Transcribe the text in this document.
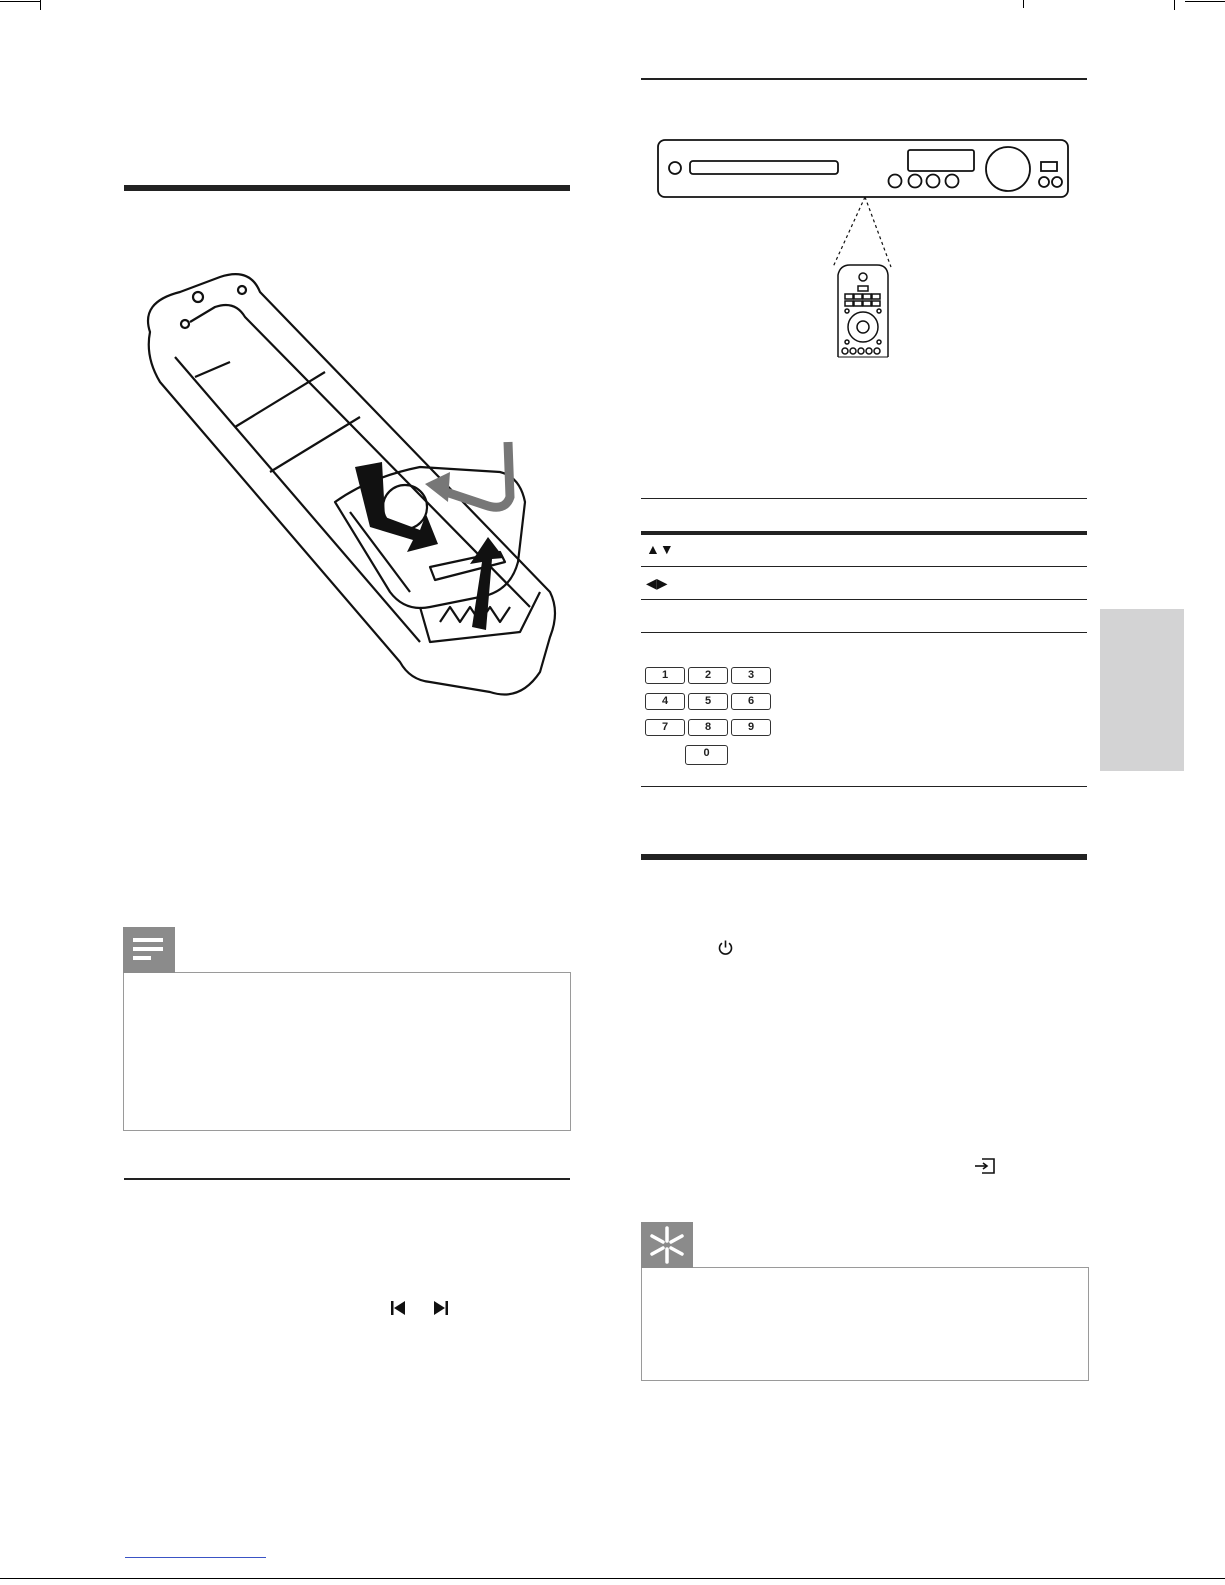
▲▼
◀▶
1	2	3
4	5	6
7	8	9
0
